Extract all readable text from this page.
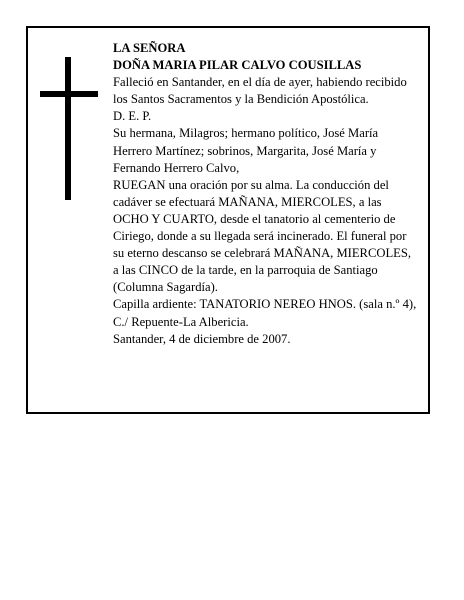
LA SEÑORA

DOÑA MARIA PILAR CALVO COUSILLAS

Falleció en Santander, en el día de ayer, habiendo recibido

los Santos Sacramentos y la Bendición Apostólica.

D. E. P.

Su hermana, Milagros; hermano político, José María Herrero Martínez; sobrinos, Margarita, José María y Fernando Herrero Calvo,

RUEGAN una oración por su alma. La conducción del cadáver se efectuará MAÑANA, MIERCOLES, a las OCHO Y CUARTO, desde el tanatorio al cementerio de Ciriego, donde a su llegada será incinerado. El funeral por su eterno descanso se celebrará MAÑANA, MIERCOLES, a las CINCO de la tarde, en la parroquia de Santiago (Columna Sagardía).

Capilla ardiente: TANATORIO NEREO HNOS. (sala n.º 4), C./ Repuente-La Albericia.

Santander, 4 de diciembre de 2007.
